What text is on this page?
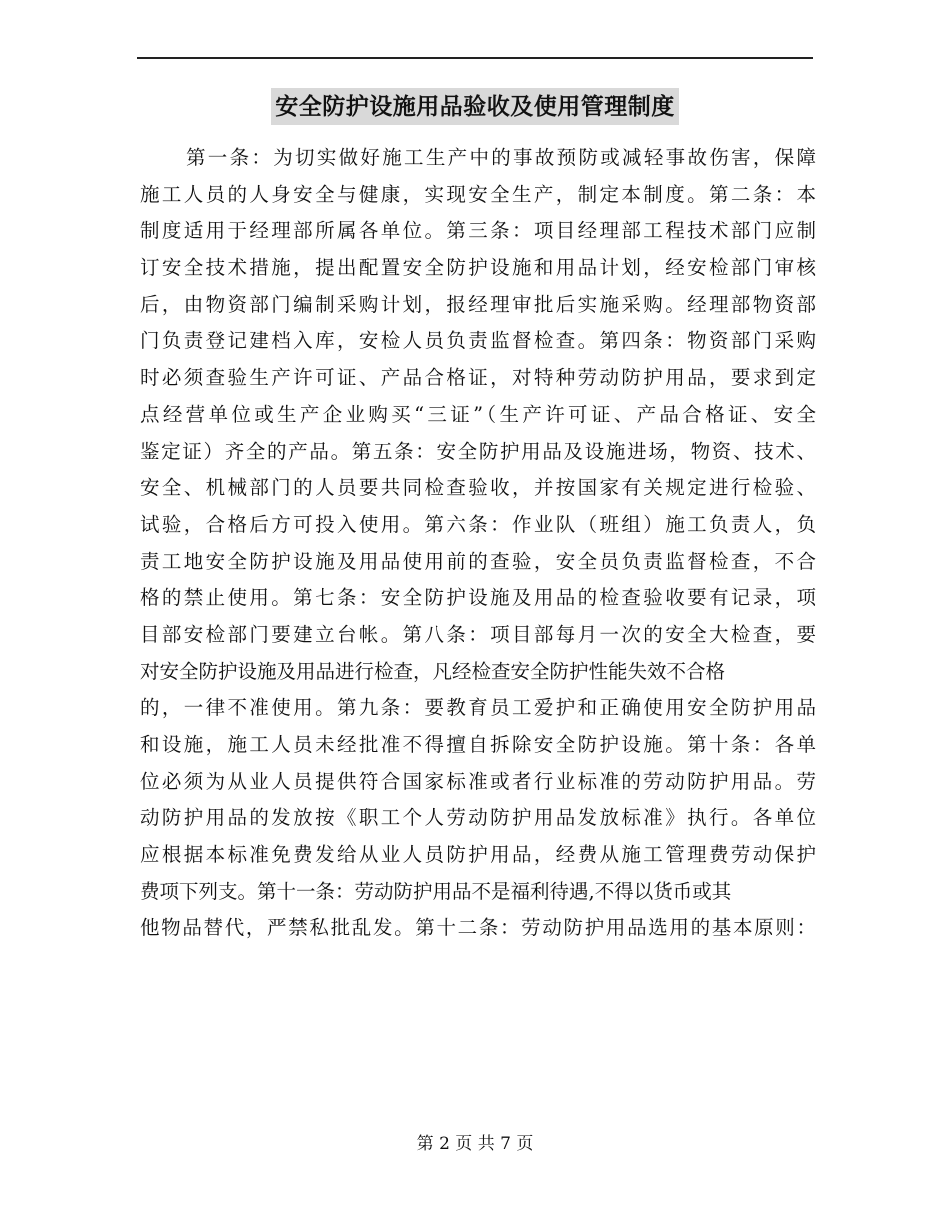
安全防护设施用品验收及使用管理制度
第一条：为切实做好施工生产中的事故预防或减轻事故伤害，保障
施工人员的人身安全与健康，实现安全生产，制定本制度。第二条：本
制度适用于经理部所属各单位。第三条：项目经理部工程技术部门应制
订安全技术措施，提出配置安全防护设施和用品计划，经安检部门审核
后，由物资部门编制采购计划，报经理审批后实施采购。经理部物资部
门负责登记建档入库，安检人员负责监督检查。第四条：物资部门采购
时必须查验生产许可证、产品合格证，对特种劳动防护用品，要求到定
点经营单位或生产企业购买“三证”（生产许可证、产品合格证、安全
鉴定证）齐全的产品。第五条：安全防护用品及设施进场，物资、技术、
安全、机械部门的人员要共同检查验收，并按国家有关规定进行检验、
试验，合格后方可投入使用。第六条：作业队（班组）施工负责人，负
责工地安全防护设施及用品使用前的查验，安全员负责监督检查，不合
格的禁止使用。第七条：安全防护设施及用品的检查验收要有记录，项
目部安检部门要建立台帐。第八条：项目部每月一次的安全大检查，要
对安全防护设施及用品进行检查，凡经检查安全防护性能失效不合格
的，一律不准使用。第九条：要教育员工爱护和正确使用安全防护用品
和设施，施工人员未经批准不得擅自拆除安全防护设施。第十条：各单
位必须为从业人员提供符合国家标准或者行业标准的劳动防护用品。劳
动防护用品的发放按《职工个人劳动防护用品发放标准》执行。各单位
应根据本标准免费发给从业人员防护用品，经费从施工管理费劳动保护
费项下列支。第十一条：劳动防护用品不是福利待遇,不得以货币或其
他物品替代，严禁私批乱发。第十二条：劳动防护用品选用的基本原则：
第 2 页 共 7 页
